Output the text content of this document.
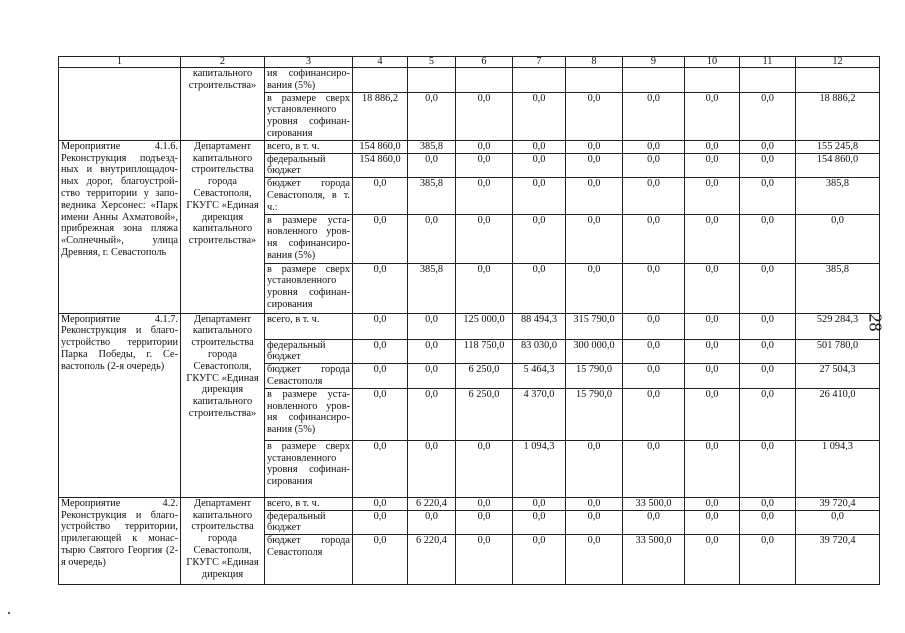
1	2	3	4	5	6	7	8	9	10	11	12
	капитального строительства»	ия софинансиро-вания (5%)									
		в размере сверх установленного уровня софинан-сирования	18 886,2	0,0	0,0	0,0	0,0	0,0	0,0	0,0	18 886,2
Мероприятие 4.1.6. Реконструкция подъезд-ных и внутриплощадоч-ных дорог, благоустрой-ство территории у запо-ведника Херсонес: «Парк имени Анны Ахматовой», прибрежная зона пляжа «Солнечный», улица Древняя, г. Севастополь	Департамент капитального строительства города Севастополя, ГКУГС «Единая дирекция капитального строительства»	всего, в т. ч.	154 860,0	385,8	0,0	0,0	0,0	0,0	0,0	0,0	155 245,8
		федеральный бюджет	154 860,0	0,0	0,0	0,0	0,0	0,0	0,0	0,0	154 860,0
		бюджет города Севастополя, в т. ч.:	0,0	385,8	0,0	0,0	0,0	0,0	0,0	0,0	385,8
		в размере уста-новленного уров-ня софинансиро-вания (5%)	0,0	0,0	0,0	0,0	0,0	0,0	0,0	0,0	0,0
		в размере сверх установленного уровня софинан-сирования	0,0	385,8	0,0	0,0	0,0	0,0	0,0	0,0	385,8
Мероприятие 4.1.7. Реконструкция и благо-устройство территории Парка Победы, г. Се-вастополь (2-я очередь)	Департамент капитального строительства города Севастополя, ГКУГС «Единая дирекция капитального строительства»	всего, в т. ч.	0,0	0,0	125 000,0	88 494,3	315 790,0	0,0	0,0	0,0	529 284,3
		федеральный бюджет	0,0	0,0	118 750,0	83 030,0	300 000,0	0,0	0,0	0,0	501 780,0
		бюджет города Севастополя	0,0	0,0	6 250,0	5 464,3	15 790,0	0,0	0,0	0,0	27 504,3
		в размере уста-новленного уров-ня софинансиро-вания (5%)	0,0	0,0	6 250,0	4 370,0	15 790,0	0,0	0,0	0,0	26 410,0
		в размере сверх установленного уровня софинан-сирования	0,0	0,0	0,0	1 094,3	0,0	0,0	0,0	0,0	1 094,3
Мероприятие 4.2. Реконструкция и благо-устройство территории, прилегающей к монас-тырю Святого Георгия (2-я очередь)	Департамент капитального строительства города Севастополя, ГКУГС «Единая дирекция	всего, в т. ч.	0,0	6 220,4	0,0	0,0	0,0	33 500,0	0,0	0,0	39 720,4
		федеральный бюджет	0,0	0,0	0,0	0,0	0,0	0,0	0,0	0,0	0,0
		бюджет города Севастополя	0,0	6 220,4	0,0	0,0	0,0	33 500,0	0,0	0,0	39 720,4
28
